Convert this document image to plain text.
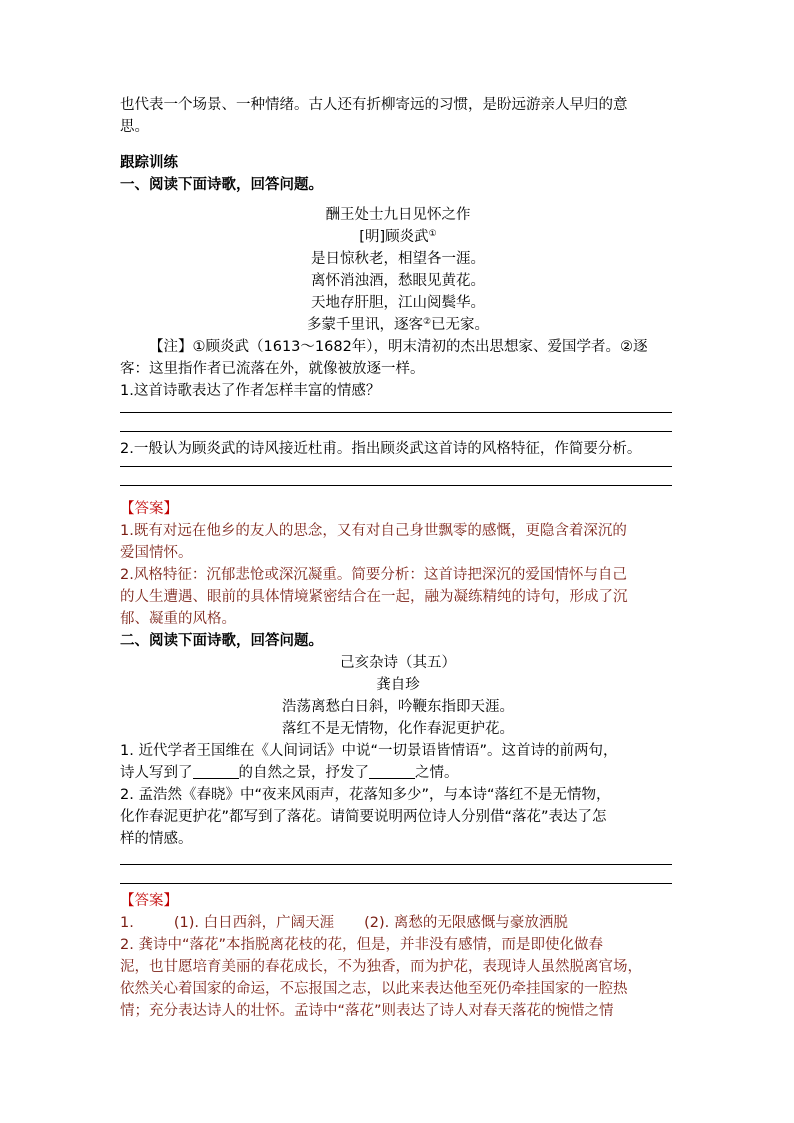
也代表一个场景、一种情绪。古人还有折柳寄远的习惯，是盼远游亲人早归的意

思。

跟踪训练

一、阅读下面诗歌，回答问题。

酬王处士九日见怀之作

[明]顾炎武①

是日惊秋老，相望各一涯。

离怀消浊酒，愁眼见黄花。

天地存肝胆，江山阅鬓华。

多蒙千里讯，逐客②已无家。

【注】①顾炎武（1613～1682年），明末清初的杰出思想家、爱国学者。②逐

客：这里指作者已流落在外，就像被放逐一样。

1.这首诗歌表达了作者怎样丰富的情感？

2.一般认为顾炎武的诗风接近杜甫。指出顾炎武这首诗的风格特征，作简要分析。

【答案】

1.既有对远在他乡的友人的思念，又有对自己身世飘零的感慨，更隐含着深沉的

爱国情怀。

2.风格特征：沉郁悲怆或深沉凝重。简要分析：这首诗把深沉的爱国情怀与自己

的人生遭遇、眼前的具体情境紧密结合在一起，融为凝练精纯的诗句，形成了沉

郁、凝重的风格。

二、阅读下面诗歌，回答问题。

己亥杂诗（其五）

龚自珍

浩荡离愁白日斜，吟鞭东指即天涯。

落红不是无情物，化作春泥更护花。

1. 近代学者王国维在《人间词话》中说“一切景语皆情语”。这首诗的前两句，

诗人写到了	的自然之景，抒发了	之情。

2. 孟浩然《春晓》中“夜来风雨声，花落知多少”，与本诗“落红不是无情物，

化作春泥更护花”都写到了落花。请简要说明两位诗人分别借“落花”表达了怎

样的情感。

【答案】

1.	(1). 白日西斜，广阔天涯 (2). 离愁的无限感慨与豪放洒脱

2. 龚诗中“落花”本指脱离花枝的花，但是，并非没有感情，而是即使化做春

泥，也甘愿培育美丽的春花成长，不为独香，而为护花，表现诗人虽然脱离官场，

依然关心着国家的命运，不忘报国之志，以此来表达他至死仍牵挂国家的一腔热

情；充分表达诗人的壮怀。孟诗中“落花”则表达了诗人对春天落花的惋惜之情
